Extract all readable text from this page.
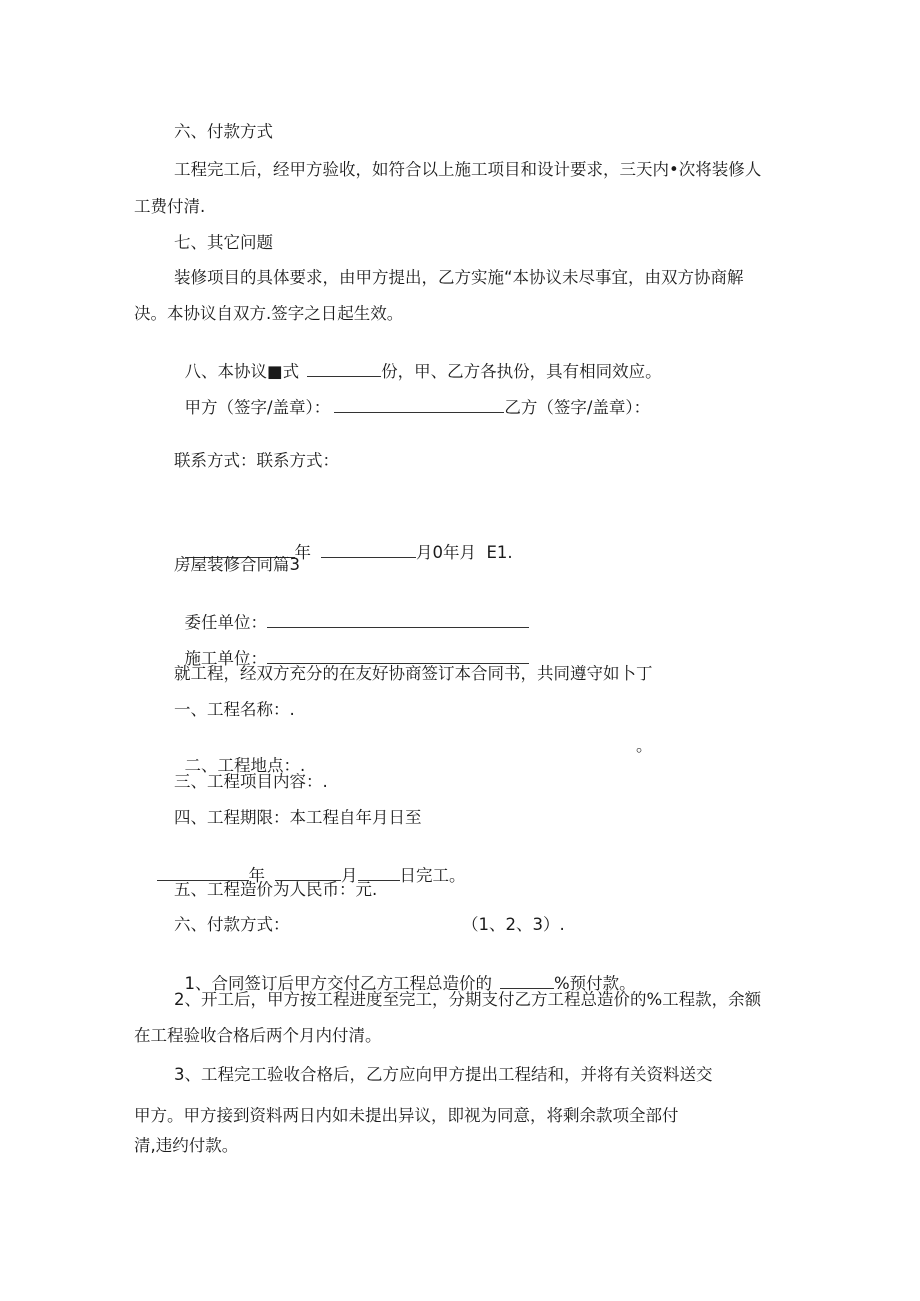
六、付款方式
工程完工后，经甲方验收，如符合以上施工项目和设计要求，三天内•次将装修人
工费付清.
七、其它问题
装修项目的具体要求，由甲方提出，乙方实施“本协议未尽事宜，由双方协商解
决。本协议自双方.签字之日起生效。

八、本协议■式	份，甲、乙方各执份，具有相同效应。

甲方（签字/盖章）：	乙方（签字/盖章）：

联系方式：联系方式：

年	月0年月  E1.

房屋装修合同篇3

委任单位：

施工单位：

就工程，经双方充分的在友好协商签订本合同书，共同遵守如卜丁
一、工程名称：.

二、工程地点：.

。
三、工程项目内容：.
四、工程期限：本工程自年月日至

年	月	日完工。

五、工程造价为人民币：元.
六、付款方式：	（1、2、3）.

1、合同签订后甲方交付乙方工程总造价的	%预付款。

2、开工后，甲方按工程进度至完工，分期支付乙方工程总造价的%工程款，余额
在工程验收合格后两个月内付清。
3、工程完工验收合格后，乙方应向甲方提出工程结和，并将有关资料送交
甲方。甲方接到资料两日内如未提出异议，即视为同意，将剩余款项全部付
清,违约付款。
